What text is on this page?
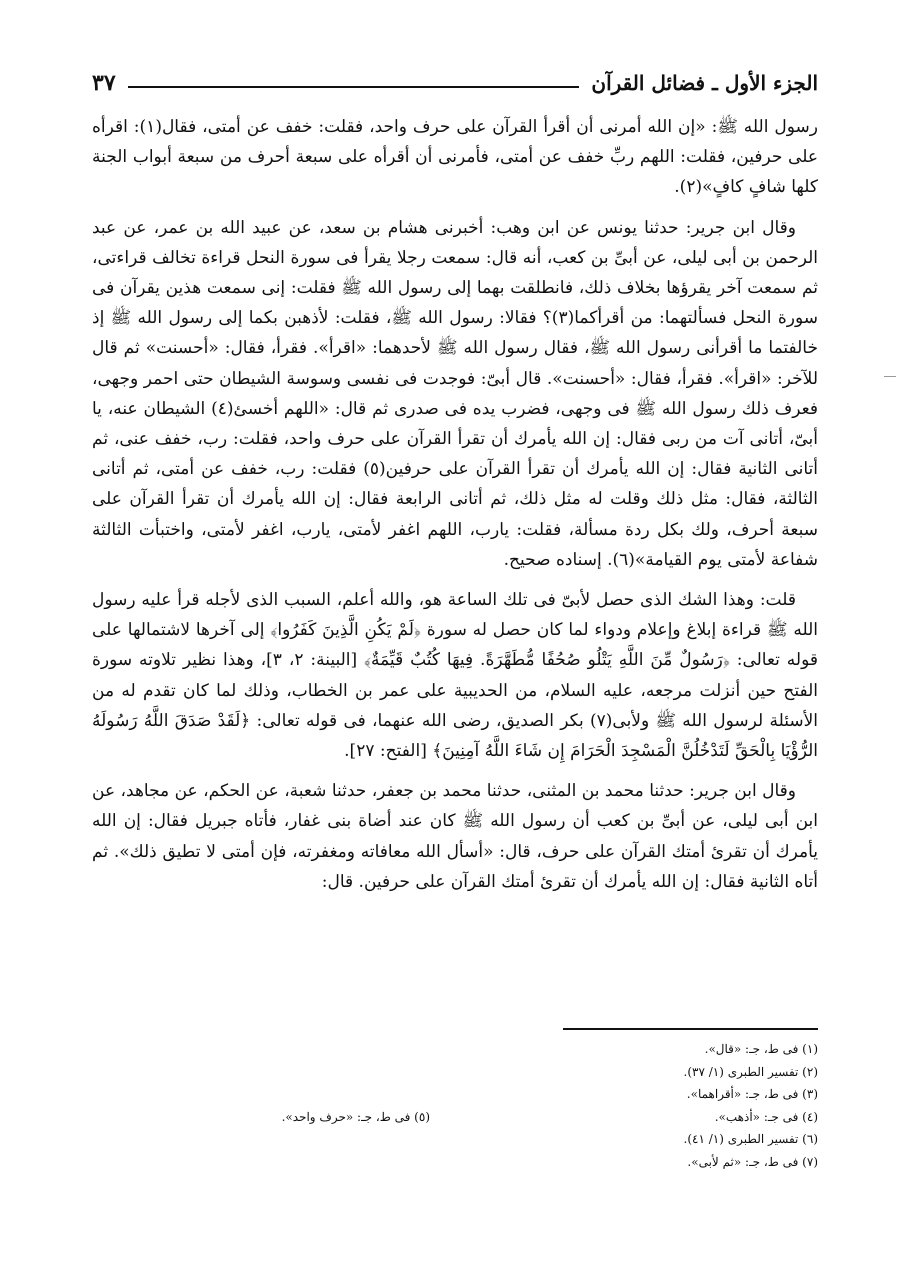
الجزء الأول ـ فضائل القرآن
٣٧

رسول الله ﷺ: «إن الله أمرنى أن أقرأ القرآن على حرف واحد، فقلت: خفف عن أمتى، فقال(١): اقرأه على حرفين، فقلت: اللهم ربِّ خفف عن أمتى، فأمرنى أن أقرأه على سبعة أحرف من سبعة أبواب الجنة كلها شافٍ كافٍ»(٢).

وقال ابن جرير: حدثنا يونس عن ابن وهب: أخبرنى هشام بن سعد، عن عبيد الله بن عمر، عن عبد الرحمن بن أبى ليلى، عن أبىِّ بن كعب، أنه قال: سمعت رجلا يقرأ فى سورة النحل قراءة تخالف قراءتى، ثم سمعت آخر يقرؤها بخلاف ذلك، فانطلقت بهما إلى رسول الله ﷺ فقلت: إنى سمعت هذين يقرآن فى سورة النحل فسألتهما: من أقرأكما(٣)؟ فقالا: رسول الله ﷺ، فقلت: لأذهبن بكما إلى رسول الله ﷺ إذ خالفتما ما أقرأنى رسول الله ﷺ، فقال رسول الله ﷺ لأحدهما: «اقرأ». فقرأ، فقال: «أحسنت» ثم قال للآخر: «اقرأ». فقرأ، فقال: «أحسنت». قال أبىّ: فوجدت فى نفسى وسوسة الشيطان حتى احمر وجهى، فعرف ذلك رسول الله ﷺ فى وجهى، فضرب يده فى صدرى ثم قال: «اللهم أخسئ(٤) الشيطان عنه، يا أبىّ، أتانى آت من ربى فقال: إن الله يأمرك أن تقرأ القرآن على حرف واحد، فقلت: رب، خفف عنى، ثم أتانى الثانية فقال: إن الله يأمرك أن تقرأ القرآن على حرفين(٥) فقلت: رب، خفف عن أمتى، ثم أتانى الثالثة، فقال: مثل ذلك وقلت له مثل ذلك، ثم أتانى الرابعة فقال: إن الله يأمرك أن تقرأ القرآن على سبعة أحرف، ولك بكل ردة مسألة، فقلت: يارب، اللهم اغفر لأمتى، يارب، اغفر لأمتى، واختبأت الثالثة شفاعة لأمتى يوم القيامة»(٦). إسناده صحيح.

قلت: وهذا الشك الذى حصل لأبىّ فى تلك الساعة هو، والله أعلم، السبب الذى لأجله قرأ عليه رسول الله ﷺ قراءة إبلاغ وإعلام ودواء لما كان حصل له سورة ﴿لَمْ يَكُنِ الَّذِينَ كَفَرُوا﴾ إلى آخرها لاشتمالها على قوله تعالى: ﴿رَسُولٌ مِّنَ اللَّهِ يَتْلُو صُحُفًا مُّطَهَّرَةً. فِيهَا كُتُبٌ قَيِّمَةٌ﴾ [البينة: ٢، ٣]، وهذا نظير تلاوته سورة الفتح حين أنزلت مرجعه، عليه السلام، من الحديبية على عمر بن الخطاب، وذلك لما كان تقدم له من الأسئلة لرسول الله ﷺ ولأبى(٧) بكر الصديق، رضى الله عنهما، فى قوله تعالى: ﴿لَقَدْ صَدَقَ اللَّهُ رَسُولَهُ الرُّؤْيَا بِالْحَقِّ لَتَدْخُلُنَّ الْمَسْجِدَ الْحَرَامَ إِن شَاءَ اللَّهُ آمِنِينَ﴾ [الفتح: ٢٧].

وقال ابن جرير: حدثنا محمد بن المثنى، حدثنا محمد بن جعفر، حدثنا شعبة، عن الحكم، عن مجاهد، عن ابن أبى ليلى، عن أبىِّ بن كعب أن رسول الله ﷺ كان عند أضاة بنى غفار، فأتاه جبريل فقال: إن الله يأمرك أن تقرئ أمتك القرآن على حرف، قال: «أسأل الله معافاته ومغفرته، فإن أمتى لا تطيق ذلك». ثم أتاه الثانية فقال: إن الله يأمرك أن تقرئ أمتك القرآن على حرفين. قال:

(١) فى ط، جـ: «قال».
(٢) تفسير الطبرى (١/ ٣٧).
(٣) فى ط، جـ: «أقراهما».
(٤) فى جـ: «أذهب».
(٦) تفسير الطبرى (١/ ٤١).
(٧) فى ط، جـ: «ثم لأبى».
(٥) فى ط، جـ: «حرف واحد».
